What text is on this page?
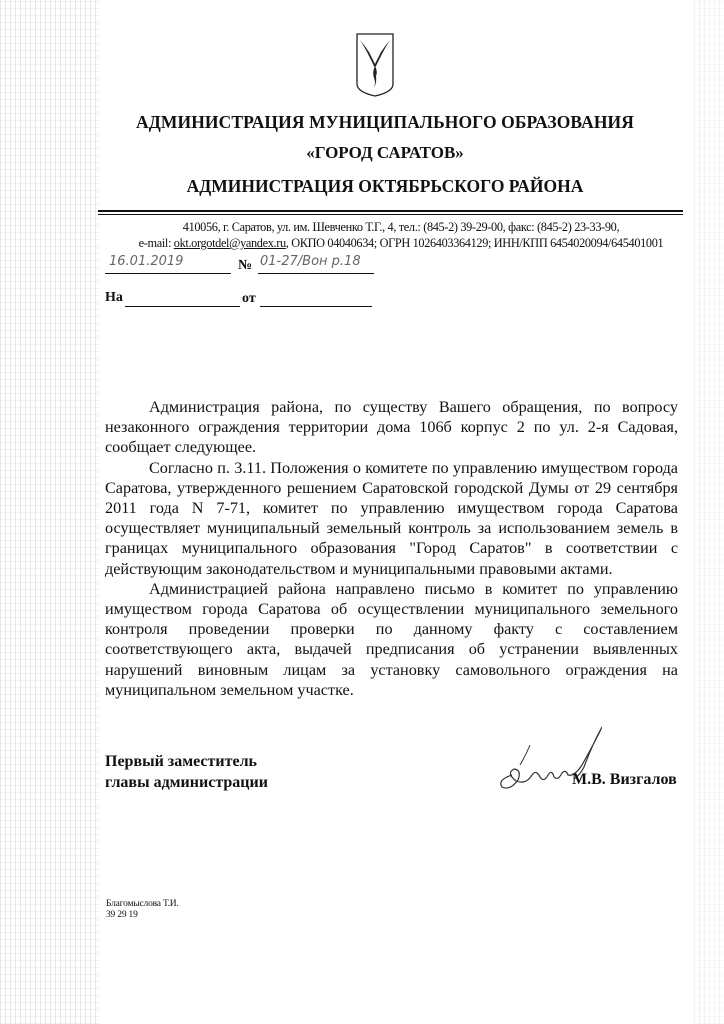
АДМИНИСТРАЦИЯ МУНИЦИПАЛЬНОГО ОБРАЗОВАНИЯ
«ГОРОД САРАТОВ»
АДМИНИСТРАЦИЯ ОКТЯБРЬСКОГО РАЙОНА
410056, г. Саратов, ул. им. Шевченко Т.Г., 4, тел.: (845-2) 39-29-00, факс: (845-2) 23-33-90,
e-mail: okt.orgotdel@yandex.ru, ОКПО 04040634; ОГРН 1026403364129; ИНН/КПП 6454020094/645401001
16.01.2019	№ 01-27/Вон р.18
На	от

Администрация района, по существу Вашего обращения, по вопросу незаконного ограждения территории дома 106б корпус 2 по ул. 2-я Садовая, сообщает следующее.

Согласно п. 3.11. Положения о комитете по управлению имуществом города Саратова, утвержденного решением Саратовской городской Думы от 29 сентября 2011 года N 7-71, комитет по управлению имуществом города Саратова осуществляет муниципальный земельный контроль за использованием земель в границах муниципального образования "Город Саратов" в соответствии с действующим законодательством и муниципальными правовыми актами.

Администрацией района направлено письмо в комитет по управлению имуществом города Саратова об осуществлении муниципального земельного контроля проведении проверки по данному факту с составлением соответствующего акта, выдачей предписания об устранении выявленных нарушений виновным лицам за установку самовольного ограждения на муниципальном земельном участке.

Первый заместитель
главы администрации	М.В. Визгалов
Благомыслова Т.И.
39 29 19
